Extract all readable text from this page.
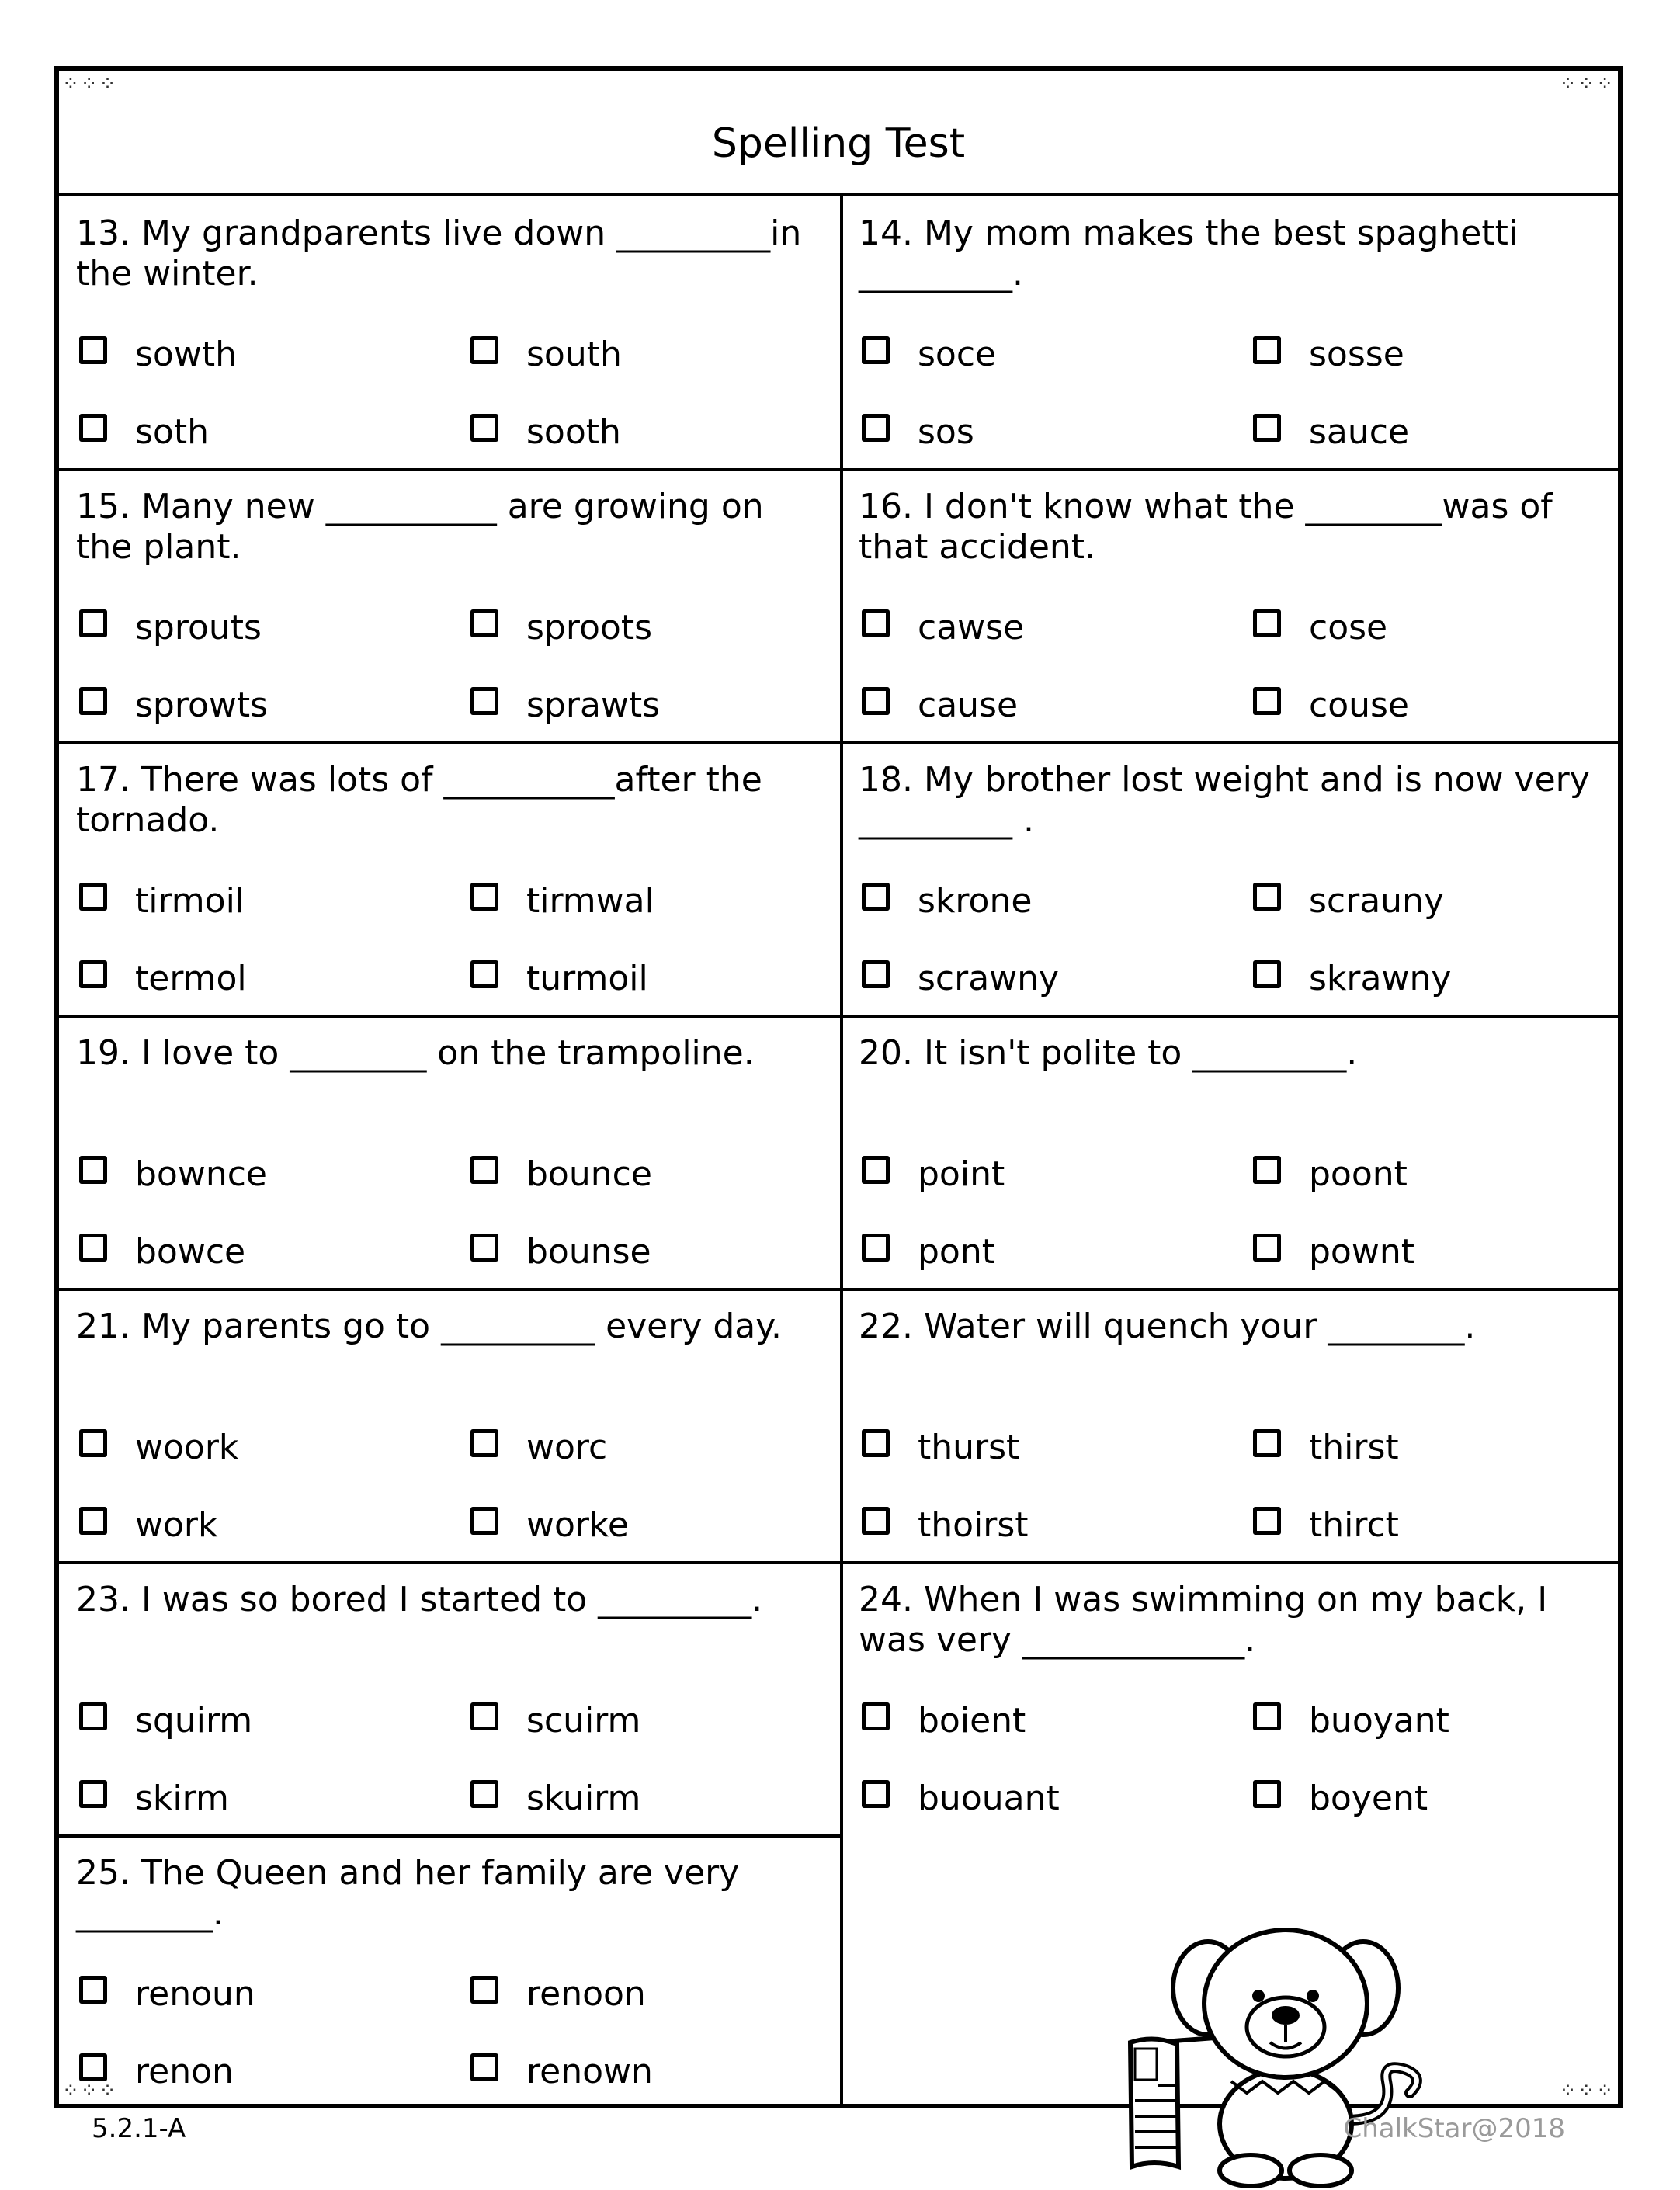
⁘⁘⁘	⁘⁘⁘
⁘⁘⁘	⁘⁘⁘
Spelling Test
13. My grandparents live down _________in the winter.
sowth	south
soth	sooth
14. My mom makes the best spaghetti _________.
soce	sosse
sos	sauce
15. Many new __________ are growing on the plant.
sprouts	sproots
sprowts	sprawts
16. I don't know what the ________was of that accident.
cawse	cose
cause	couse
17. There was lots of __________after the tornado.
tirmoil	tirmwal
termol	turmoil
18. My brother lost weight and is now very _________ .
skrone	scrauny
scrawny	skrawny
19. I love to ________ on the trampoline.
bownce	bounce
bowce	bounse
20. It isn't polite to _________.
point	poont
pont	pownt
21. My parents go to _________ every day.
woork	worc
work	worke
22. Water will quench your ________.
thurst	thirst
thoirst	thirct
23. I was so bored I started to _________.
squirm	scuirm
skirm	skuirm
24. When I was swimming on my back, I was very _____________.
boient	buoyant
buouant	boyent
25. The Queen and her family are very ________.
renoun	renoon
renon	renown
5.2.1-A	ChalkStar@2018
